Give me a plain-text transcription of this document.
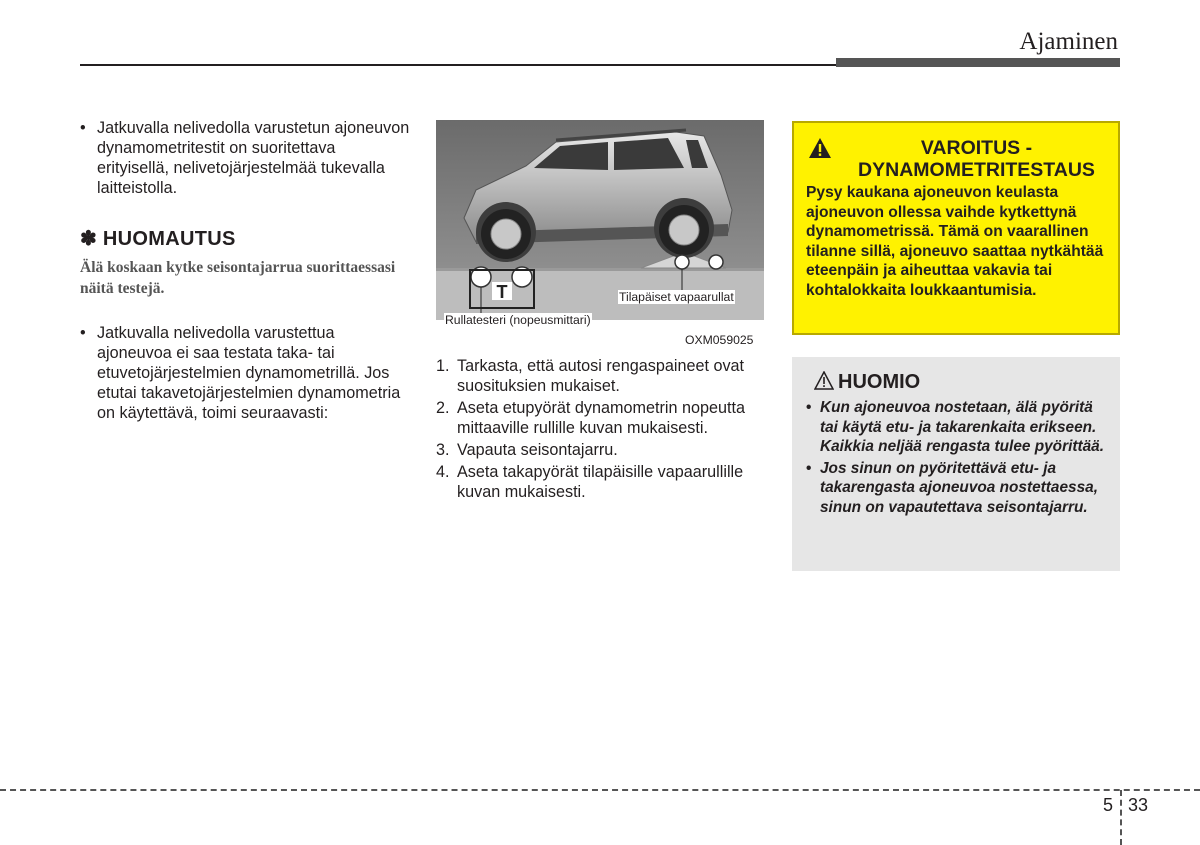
Ajaminen
• Jatkuvalla nelivedolla varustetun ajoneuvon dynamometritestit on suoritettava erityisellä, nelivetojärjestelmää tukevalla laitteistolla.
✽ HUOMAUTUS
Älä koskaan kytke seisontajarrua suorittaessasi näitä testejä.
• Jatkuvalla nelivedolla varustettua ajoneuvoa ei saa testata taka- tai etuvetojärjestelmien dynamometrillä. Jos etutai takavetojärjestelmien dynamometria on käytettävä, toimi seuraavasti:
T	Tilapäiset vapaarullat
Rullatesteri (nopeusmittari)
OXM059025
1. Tarkasta, että autosi rengaspaineet ovat suosituksien mukaiset.
2. Aseta etupyörät dynamometrin nopeutta mittaaville rullille kuvan mukaisesti.
3. Vapauta seisontajarru.
4. Aseta takapyörät tilapäisille vapaarullille kuvan mukaisesti.
VAROITUS - DYNAMOMETRITESTAUS
Pysy kaukana ajoneuvon keulasta ajoneuvon ollessa vaihde kytkettynä dynamometrissä. Tämä on vaarallinen tilanne sillä, ajoneuvo saattaa nytkähtää eteenpäin ja aiheuttaa vakavia tai kohtalokkaita loukkaantumisia.
HUOMIO
• Kun ajoneuvoa nostetaan, älä pyöritä tai käytä etu- ja takarenkaita erikseen. Kaikkia neljää rengasta tulee pyörittää.
• Jos sinun on pyöritettävä etu- ja takarengasta ajoneuvoa nostettaessa, sinun on vapautettava seisontajarru.
5 33
